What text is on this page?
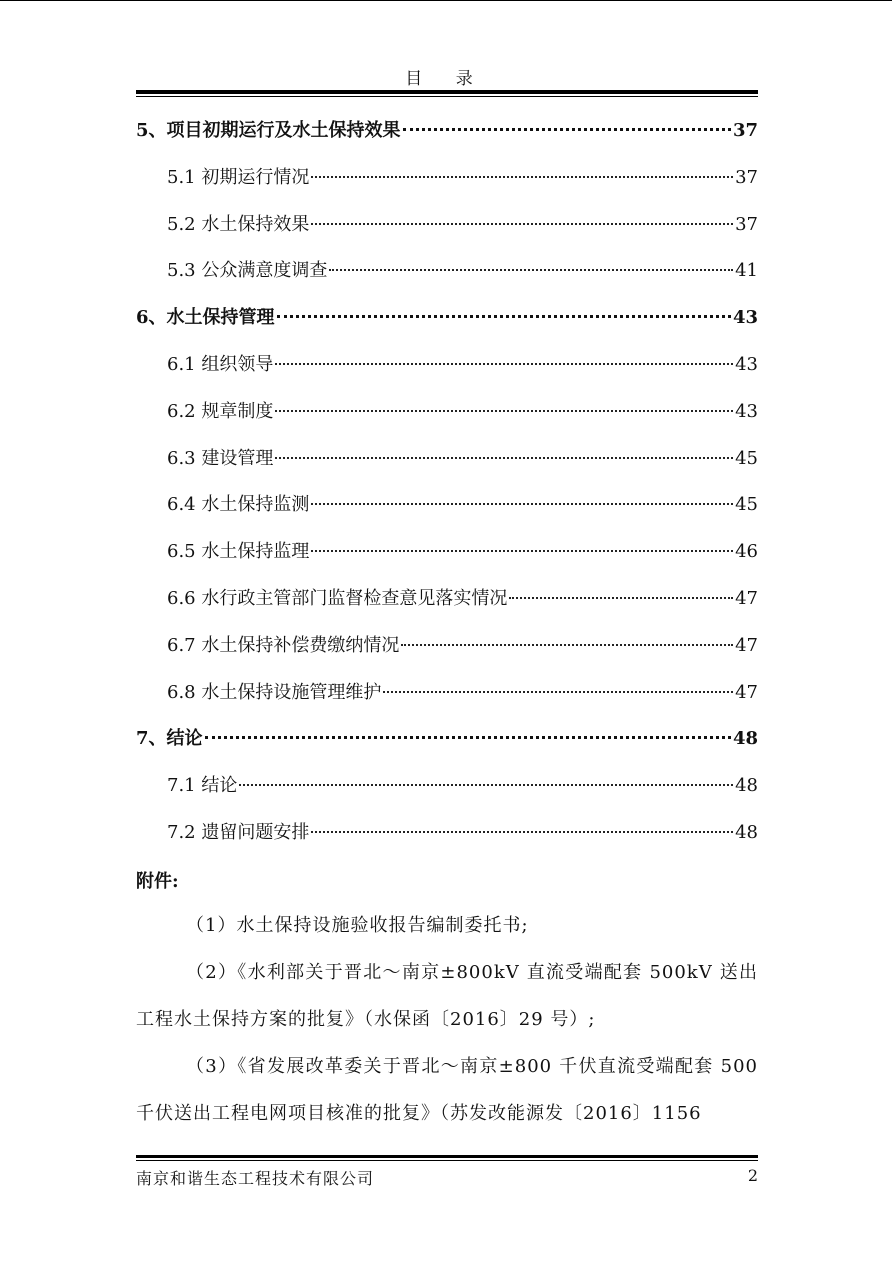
目 录
5、项目初期运行及水土保持效果	37
5.1 初期运行情况	37
5.2 水土保持效果	37
5.3 公众满意度调查	41
6、水土保持管理	43
6.1 组织领导	43
6.2 规章制度	43
6.3 建设管理	45
6.4 水土保持监测	45
6.5 水土保持监理	46
6.6 水行政主管部门监督检查意见落实情况	47
6.7 水土保持补偿费缴纳情况	47
6.8 水土保持设施管理维护	47
7、结论	48
7.1 结论	48
7.2 遗留问题安排	48
附件:

（1）水土保持设施验收报告编制委托书;

（2）《水利部关于晋北～南京±800kV 直流受端配套 500kV 送出工程水土保持方案的批复》（水保函〔2016〕29 号）;

（3）《省发展改革委关于晋北～南京±800 千伏直流受端配套 500 千伏送出工程电网项目核准的批复》（苏发改能源发〔2016〕1156

南京和谐生态工程技术有限公司	2
